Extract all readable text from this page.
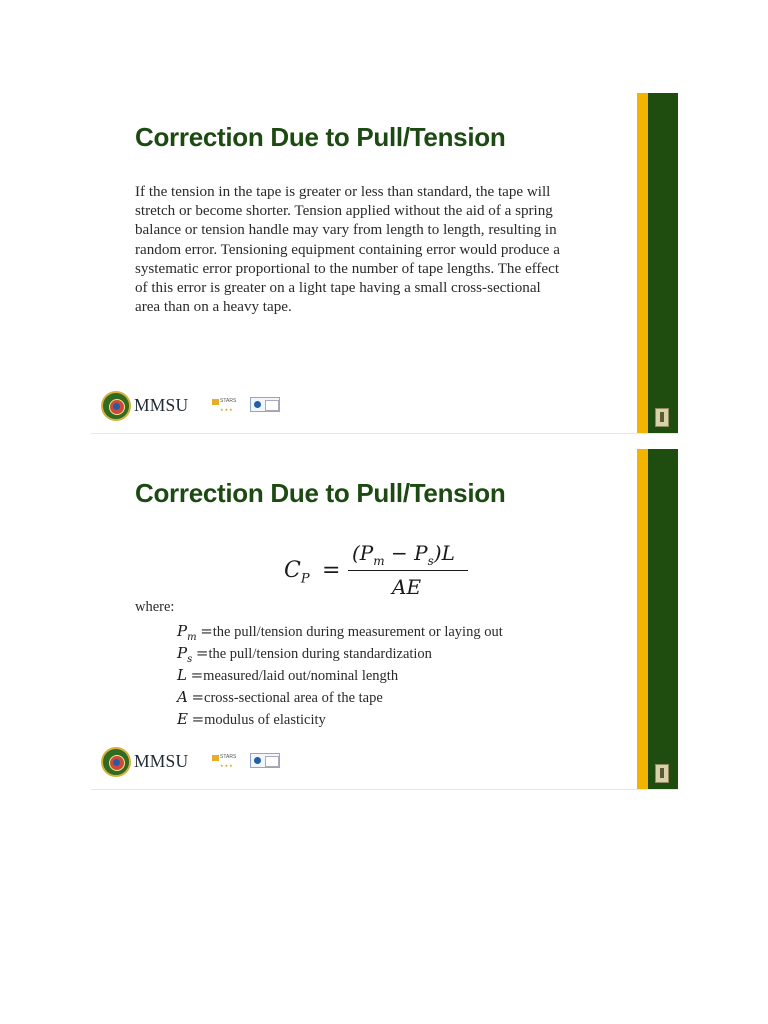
Correction Due to Pull/Tension

If the tension in the tape is greater or less than standard, the tape will
stretch or become shorter. Tension applied without the aid of a spring
balance or tension handle may vary from length to length, resulting in
random error. Tensioning equipment containing error would produce a
systematic error proportional to the number of tape lengths. The effect
of this error is greater on a light tape having a small cross-sectional
area than on a heavy tape.

MMSU	STARS
★★★
Correction Due to Pull/Tension
$C_P$ =
$(P_m - P_s)L$
AE

where:

$P_m =the$ pull/tension during measurement or laying out
$P_s =the$ pull/tension during standardization
L =measured/laid out/nominal length
A =cross-sectional area of the tape
E =modulus of elasticity
MMSU	STARS
★★★
